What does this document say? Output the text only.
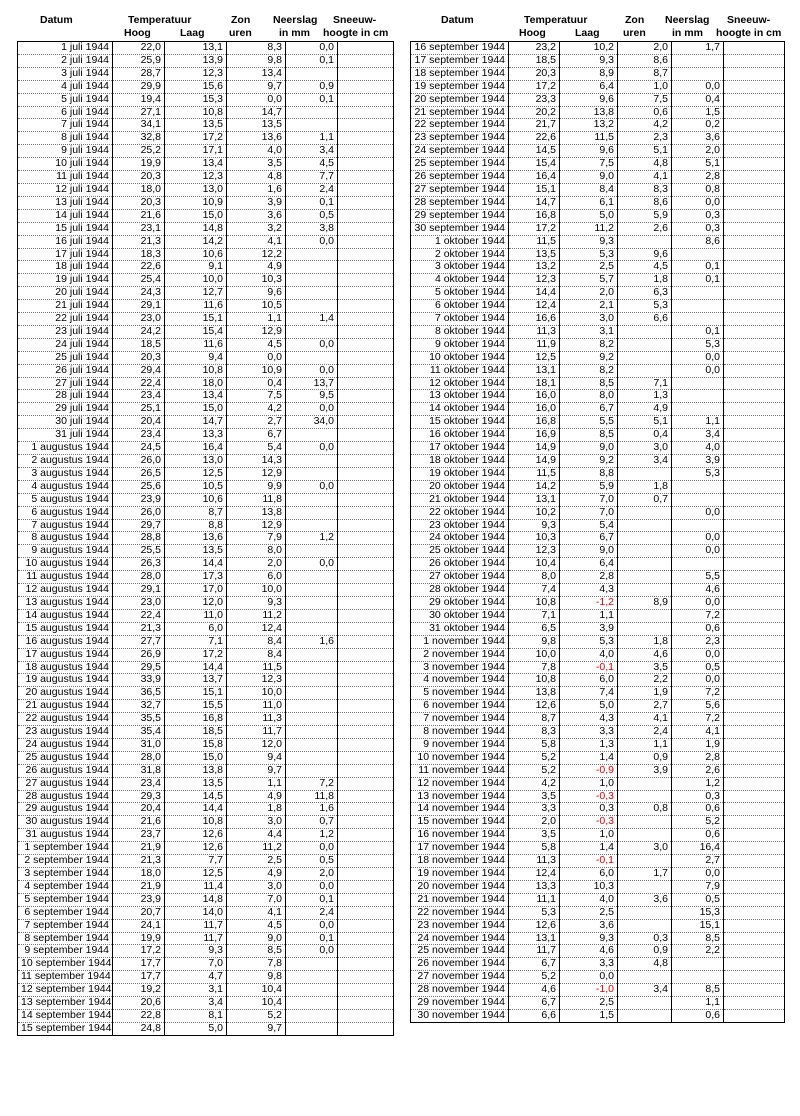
Datum	Temperatuur
Hoog	Laag
Zon
uren
Neerslag
in mm
Sneeuw-
hoogte in cm
Datum	Temperatuur
Hoog	Laag
Zon
uren
Neerslag
in mm
Sneeuw-
hoogte in cm
1 juli 1944	22,0	13,1	8,3	0,0	
2 juli 1944	25,9	13,9	9,8	0,1	
3 juli 1944	28,7	12,3	13,4		
4 juli 1944	29,9	15,6	9,7	0,9	
5 juli 1944	19,4	15,3	0,0	0,1	
6 juli 1944	27,1	10,8	14,7		
7 juli 1944	34,1	13,5	13,5		
8 juli 1944	32,8	17,2	13,6	1,1	
9 juli 1944	25,2	17,1	4,0	3,4	
10 juli 1944	19,9	13,4	3,5	4,5	
11 juli 1944	20,3	12,3	4,8	7,7	
12 juli 1944	18,0	13,0	1,6	2,4	
13 juli 1944	20,3	10,9	3,9	0,1	
14 juli 1944	21,6	15,0	3,6	0,5	
15 juli 1944	23,1	14,8	3,2	3,8	
16 juli 1944	21,3	14,2	4,1	0,0	
17 juli 1944	18,3	10,6	12,2		
18 juli 1944	22,6	9,1	4,9		
19 juli 1944	25,4	10,0	10,3		
20 juli 1944	24,3	12,7	9,6		
21 juli 1944	29,1	11,6	10,5		
22 juli 1944	23,0	15,1	1,1	1,4	
23 juli 1944	24,2	15,4	12,9		
24 juli 1944	18,5	11,6	4,5	0,0	
25 juli 1944	20,3	9,4	0,0		
26 juli 1944	29,4	10,8	10,9	0,0	
27 juli 1944	22,4	18,0	0,4	13,7	
28 juli 1944	23,4	13,4	7,5	9,5	
29 juli 1944	25,1	15,0	4,2	0,0	
30 juli 1944	20,4	14,7	2,7	34,0	
31 juli 1944	23,4	13,3	6,7		
1 augustus 1944	24,5	16,4	5,4	0,0	
2 augustus 1944	26,0	13,0	14,3		
3 augustus 1944	26,5	12,5	12,9		
4 augustus 1944	25,6	10,5	9,9	0,0	
5 augustus 1944	23,9	10,6	11,8		
6 augustus 1944	26,0	8,7	13,8		
7 augustus 1944	29,7	8,8	12,9		
8 augustus 1944	28,8	13,6	7,9	1,2	
9 augustus 1944	25,5	13,5	8,0		
10 augustus 1944	26,3	14,4	2,0	0,0	
11 augustus 1944	28,0	17,3	6,0		
12 augustus 1944	29,1	17,0	10,0		
13 augustus 1944	23,0	12,0	9,3		
14 augustus 1944	22,4	11,0	11,2		
15 augustus 1944	21,3	6,0	12,4		
16 augustus 1944	27,7	7,1	8,4	1,6	
17 augustus 1944	26,9	17,2	8,4		
18 augustus 1944	29,5	14,4	11,5		
19 augustus 1944	33,9	13,7	12,3		
20 augustus 1944	36,5	15,1	10,0		
21 augustus 1944	32,7	15,5	11,0		
22 augustus 1944	35,5	16,8	11,3		
23 augustus 1944	35,4	18,5	11,7		
24 augustus 1944	31,0	15,8	12,0		
25 augustus 1944	28,0	15,0	9,4		
26 augustus 1944	31,8	13,8	9,7		
27 augustus 1944	23,4	13,5	1,1	7,2	
28 augustus 1944	29,3	14,5	4,9	11,8	
29 augustus 1944	20,4	14,4	1,8	1,6	
30 augustus 1944	21,6	10,8	3,0	0,7	
31 augustus 1944	23,7	12,6	4,4	1,2	
1 september 1944	21,9	12,6	11,2	0,0	
2 september 1944	21,3	7,7	2,5	0,5	
3 september 1944	18,0	12,5	4,9	2,0	
4 september 1944	21,9	11,4	3,0	0,0	
5 september 1944	23,9	14,8	7,0	0,1	
6 september 1944	20,7	14,0	4,1	2,4	
7 september 1944	24,1	11,7	4,5	0,0	
8 september 1944	19,9	11,7	9,0	0,1	
9 september 1944	17,2	9,3	8,5	0,0	
10 september 1944	17,7	7,0	7,8		
11 september 1944	17,7	4,7	9,8		
12 september 1944	19,2	3,1	10,4		
13 september 1944	20,6	3,4	10,4		
14 september 1944	22,8	8,1	5,2		
15 september 1944	24,8	5,0	9,7		
16 september 1944	23,2	10,2	2,0	1,7	
17 september 1944	18,5	9,3	8,6		
18 september 1944	20,3	8,9	8,7		
19 september 1944	17,2	6,4	1,0	0,0	
20 september 1944	23,3	9,6	7,5	0,4	
21 september 1944	20,2	13,8	0,6	1,5	
22 september 1944	21,7	13,2	4,2	0,2	
23 september 1944	22,6	11,5	2,3	3,6	
24 september 1944	14,5	9,6	5,1	2,0	
25 september 1944	15,4	7,5	4,8	5,1	
26 september 1944	16,4	9,0	4,1	2,8	
27 september 1944	15,1	8,4	8,3	0,8	
28 september 1944	14,7	6,1	8,6	0,0	
29 september 1944	16,8	5,0	5,9	0,3	
30 september 1944	17,2	11,2	2,6	0,3	
1 oktober 1944	11,5	9,3		8,6	
2 oktober 1944	13,5	5,3	9,6		
3 oktober 1944	13,2	2,5	4,5	0,1	
4 oktober 1944	12,3	5,7	1,8	0,1	
5 oktober 1944	14,4	2,0	6,3		
6 oktober 1944	12,4	2,1	5,3		
7 oktober 1944	16,6	3,0	6,6		
8 oktober 1944	11,3	3,1		0,1	
9 oktober 1944	11,9	8,2		5,3	
10 oktober 1944	12,5	9,2		0,0	
11 oktober 1944	13,1	8,2		0,0	
12 oktober 1944	18,1	8,5	7,1		
13 oktober 1944	16,0	8,0	1,3		
14 oktober 1944	16,0	6,7	4,9		
15 oktober 1944	16,8	5,5	5,1	1,1	
16 oktober 1944	16,9	8,5	0,4	3,4	
17 oktober 1944	14,9	9,0	3,0	4,0	
18 oktober 1944	14,9	9,2	3,4	3,9	
19 oktober 1944	11,5	8,8		5,3	
20 oktober 1944	14,2	5,9	1,8		
21 oktober 1944	13,1	7,0	0,7		
22 oktober 1944	10,2	7,0		0,0	
23 oktober 1944	9,3	5,4			
24 oktober 1944	10,3	6,7		0,0	
25 oktober 1944	12,3	9,0		0,0	
26 oktober 1944	10,4	6,4			
27 oktober 1944	8,0	2,8		5,5	
28 oktober 1944	7,4	4,3		4,6	
29 oktober 1944	10,8	-1,2	8,9	0,0	
30 oktober 1944	7,1	1,1		7,2	
31 oktober 1944	6,5	3,9		0,6	
1 november 1944	9,8	5,3	1,8	2,3	
2 november 1944	10,0	4,0	4,6	0,0	
3 november 1944	7,8	-0,1	3,5	0,5	
4 november 1944	10,8	6,0	2,2	0,0	
5 november 1944	13,8	7,4	1,9	7,2	
6 november 1944	12,6	5,0	2,7	5,6	
7 november 1944	8,7	4,3	4,1	7,2	
8 november 1944	8,3	3,3	2,4	4,1	
9 november 1944	5,8	1,3	1,1	1,9	
10 november 1944	5,2	1,4	0,9	2,8	
11 november 1944	5,2	-0,9	3,9	2,6	
12 november 1944	4,2	1,0		1,2	
13 november 1944	3,5	-0,3		0,3	
14 november 1944	3,3	0,3	0,8	0,6	
15 november 1944	2,0	-0,3		5,2	
16 november 1944	3,5	1,0		0,6	
17 november 1944	5,8	1,4	3,0	16,4	
18 november 1944	11,3	-0,1		2,7	
19 november 1944	12,4	6,0	1,7	0,0	
20 november 1944	13,3	10,3		7,9	
21 november 1944	11,1	4,0	3,6	0,5	
22 november 1944	5,3	2,5		15,3	
23 november 1944	12,6	3,6		15,1	
24 november 1944	13,1	9,3	0,3	8,5	
25 november 1944	11,7	4,6	0,9	2,2	
26 november 1944	6,7	3,3	4,8		
27 november 1944	5,2	0,0			
28 november 1944	4,6	-1,0	3,4	8,5	
29 november 1944	6,7	2,5		1,1	
30 november 1944	6,6	1,5		0,6	
